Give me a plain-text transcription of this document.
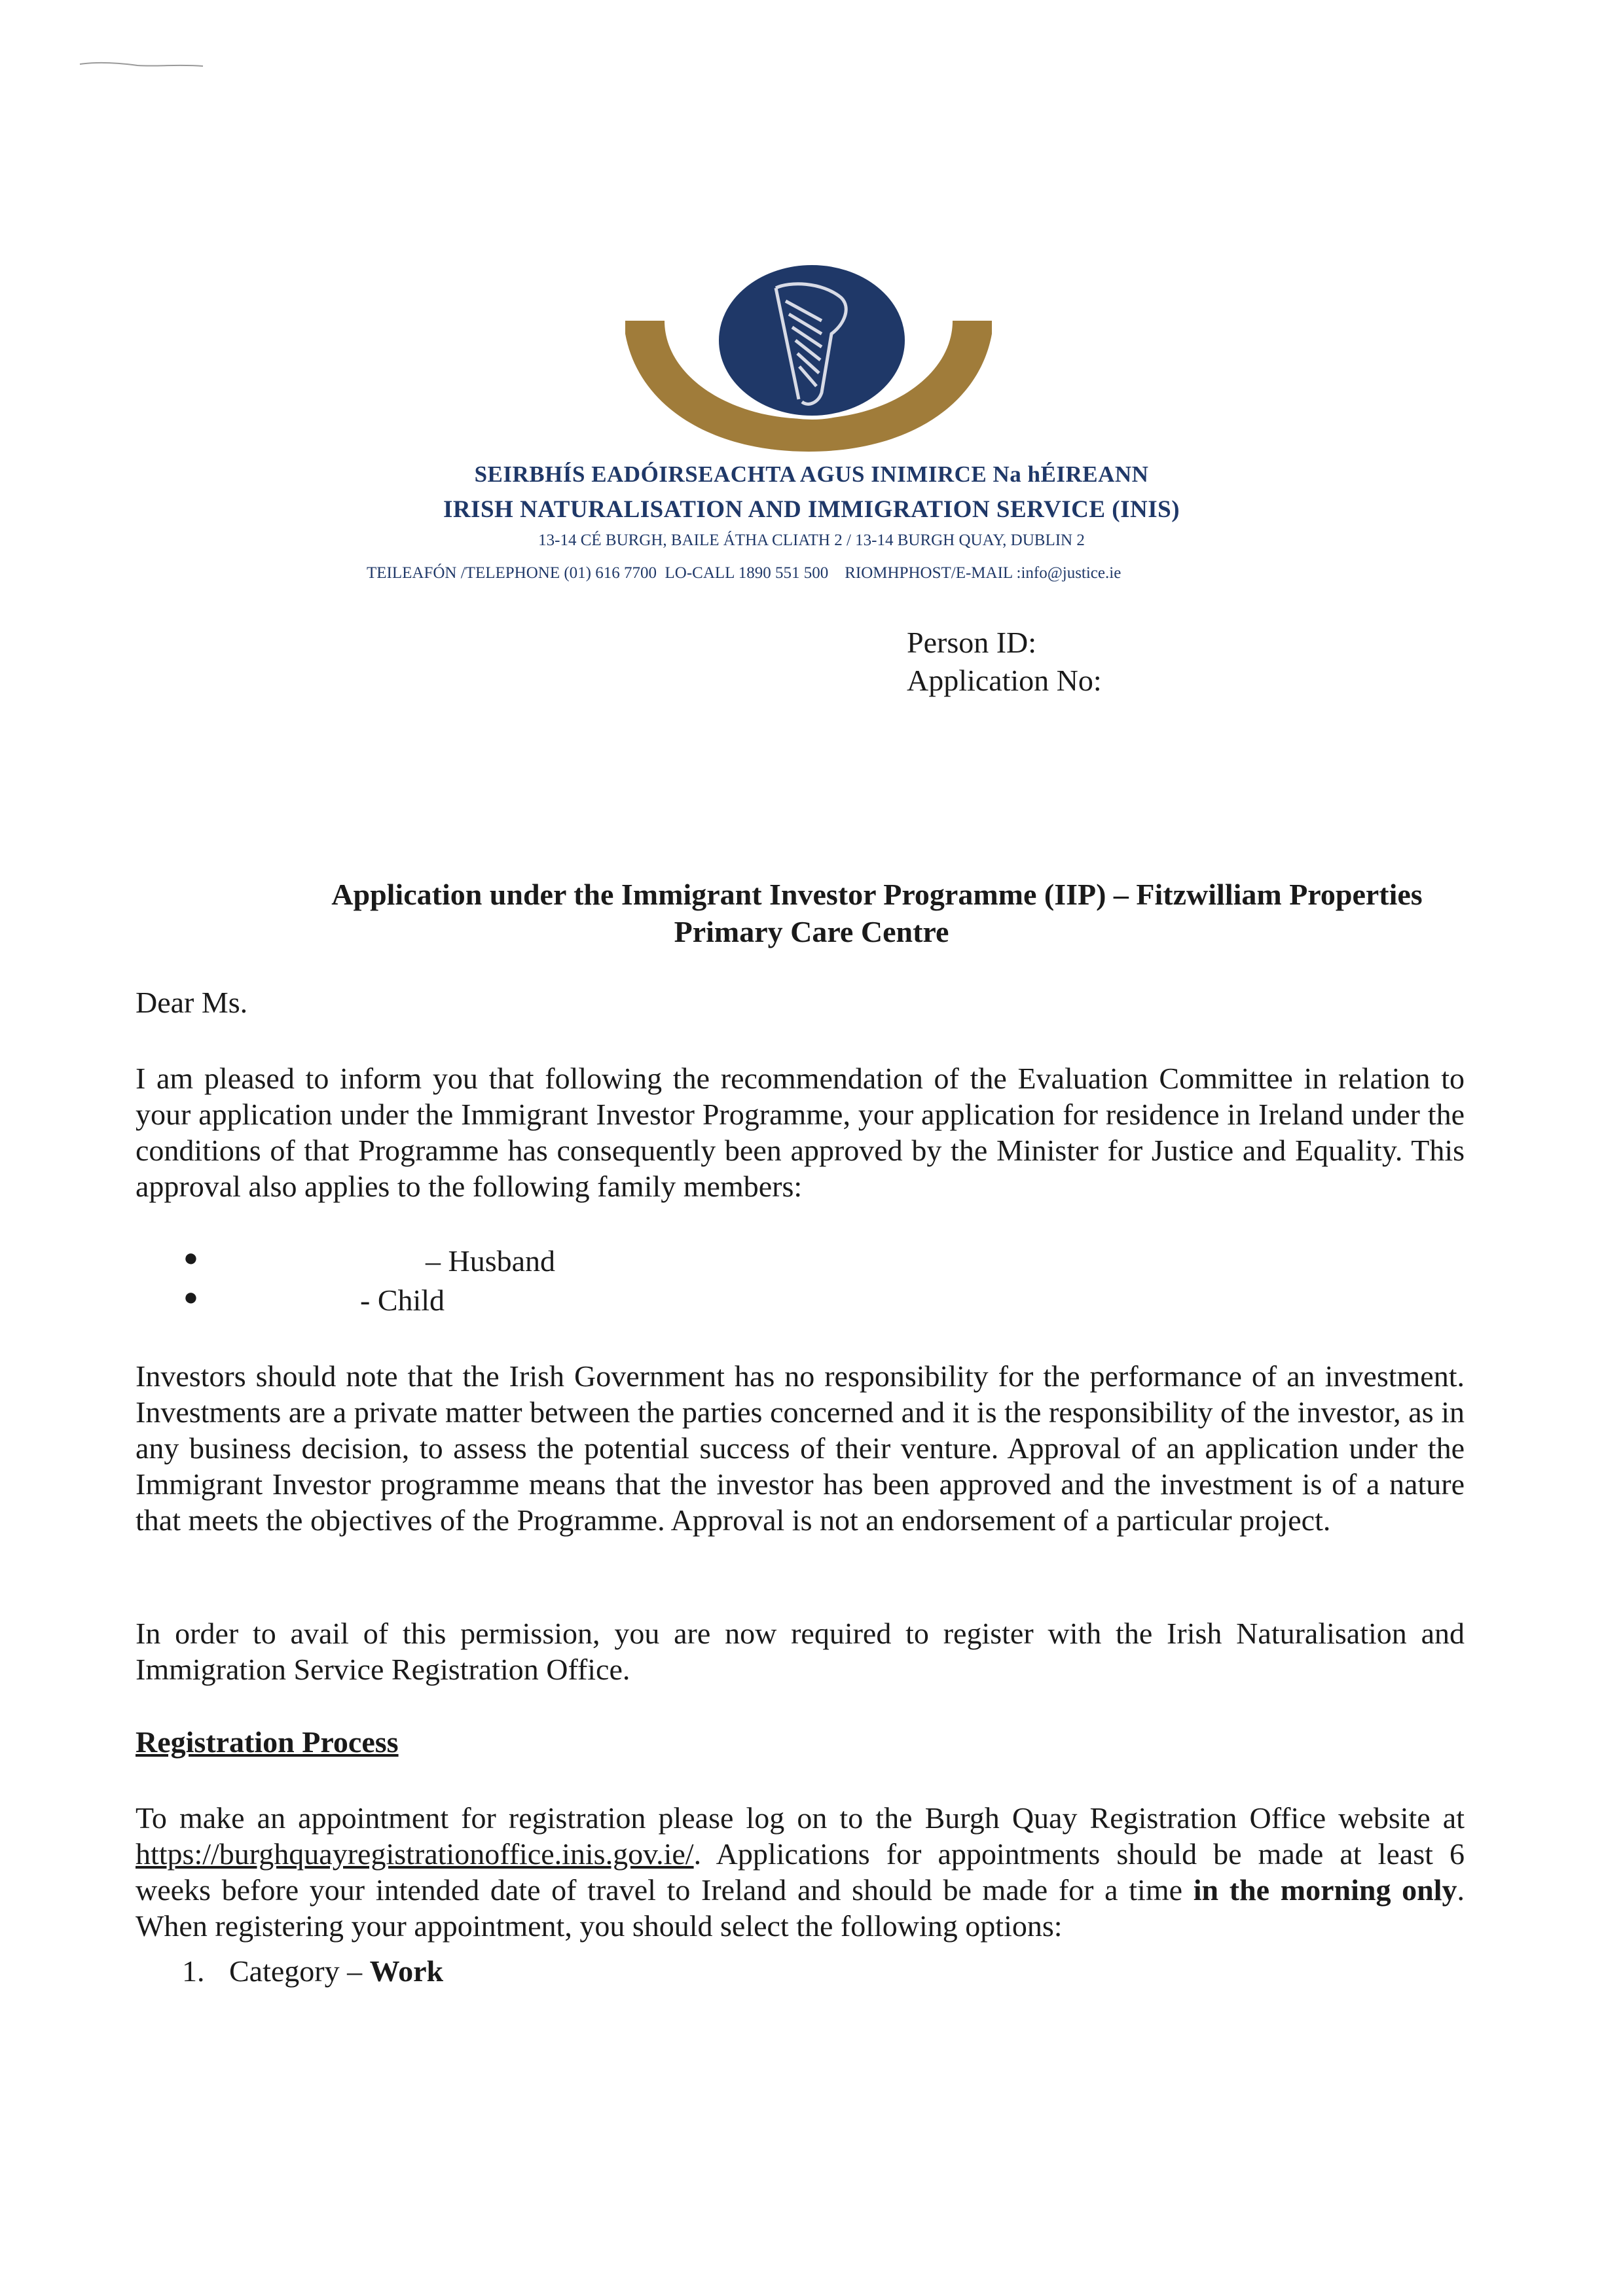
SEIRBHÍS EADÓIRSEACHTA AGUS INIMIRCE Na hÉIREANN
IRISH NATURALISATION AND IMMIGRATION SERVICE (INIS)
13-14 CÉ BURGH, BAILE ÁTHA CLIATH 2 / 13-14 BURGH QUAY, DUBLIN 2
TEILEAFÓN /TELEPHONE (01) 616 7700  LO-CALL 1890 551 500    RIOMHPHOST/E-MAIL :info@justice.ie
Person ID:
Application No:
Application under the Immigrant Investor Programme (IIP) – Fitzwilliam Properties
Primary Care Centre
Dear Ms.
I am pleased to inform you that following the recommendation of the Evaluation Committee in relation to your application under the Immigrant Investor Programme, your application for residence in Ireland under the conditions of that Programme has consequently been approved by the Minister for Justice and Equality. This approval also applies to the following family members:
●	– Husband
●	- Child
Investors should note that the Irish Government has no responsibility for the performance of an investment. Investments are a private matter between the parties concerned and it is the responsibility of the investor, as in any business decision, to assess the potential success of their venture. Approval of an application under the Immigrant Investor programme means that the investor has been approved and the investment is of a nature that meets the objectives of the Programme. Approval is not an endorsement of a particular project.
In order to avail of this permission, you are now required to register with the Irish Naturalisation and Immigration Service Registration Office.
Registration Process
To make an appointment for registration please log on to the Burgh Quay Registration Office website at https://burghquayregistrationoffice.inis.gov.ie/. Applications for appointments should be made at least 6 weeks before your intended date of travel to Ireland and should be made for a time in the morning only. When registering your appointment, you should select the following options:
1. Category – Work
